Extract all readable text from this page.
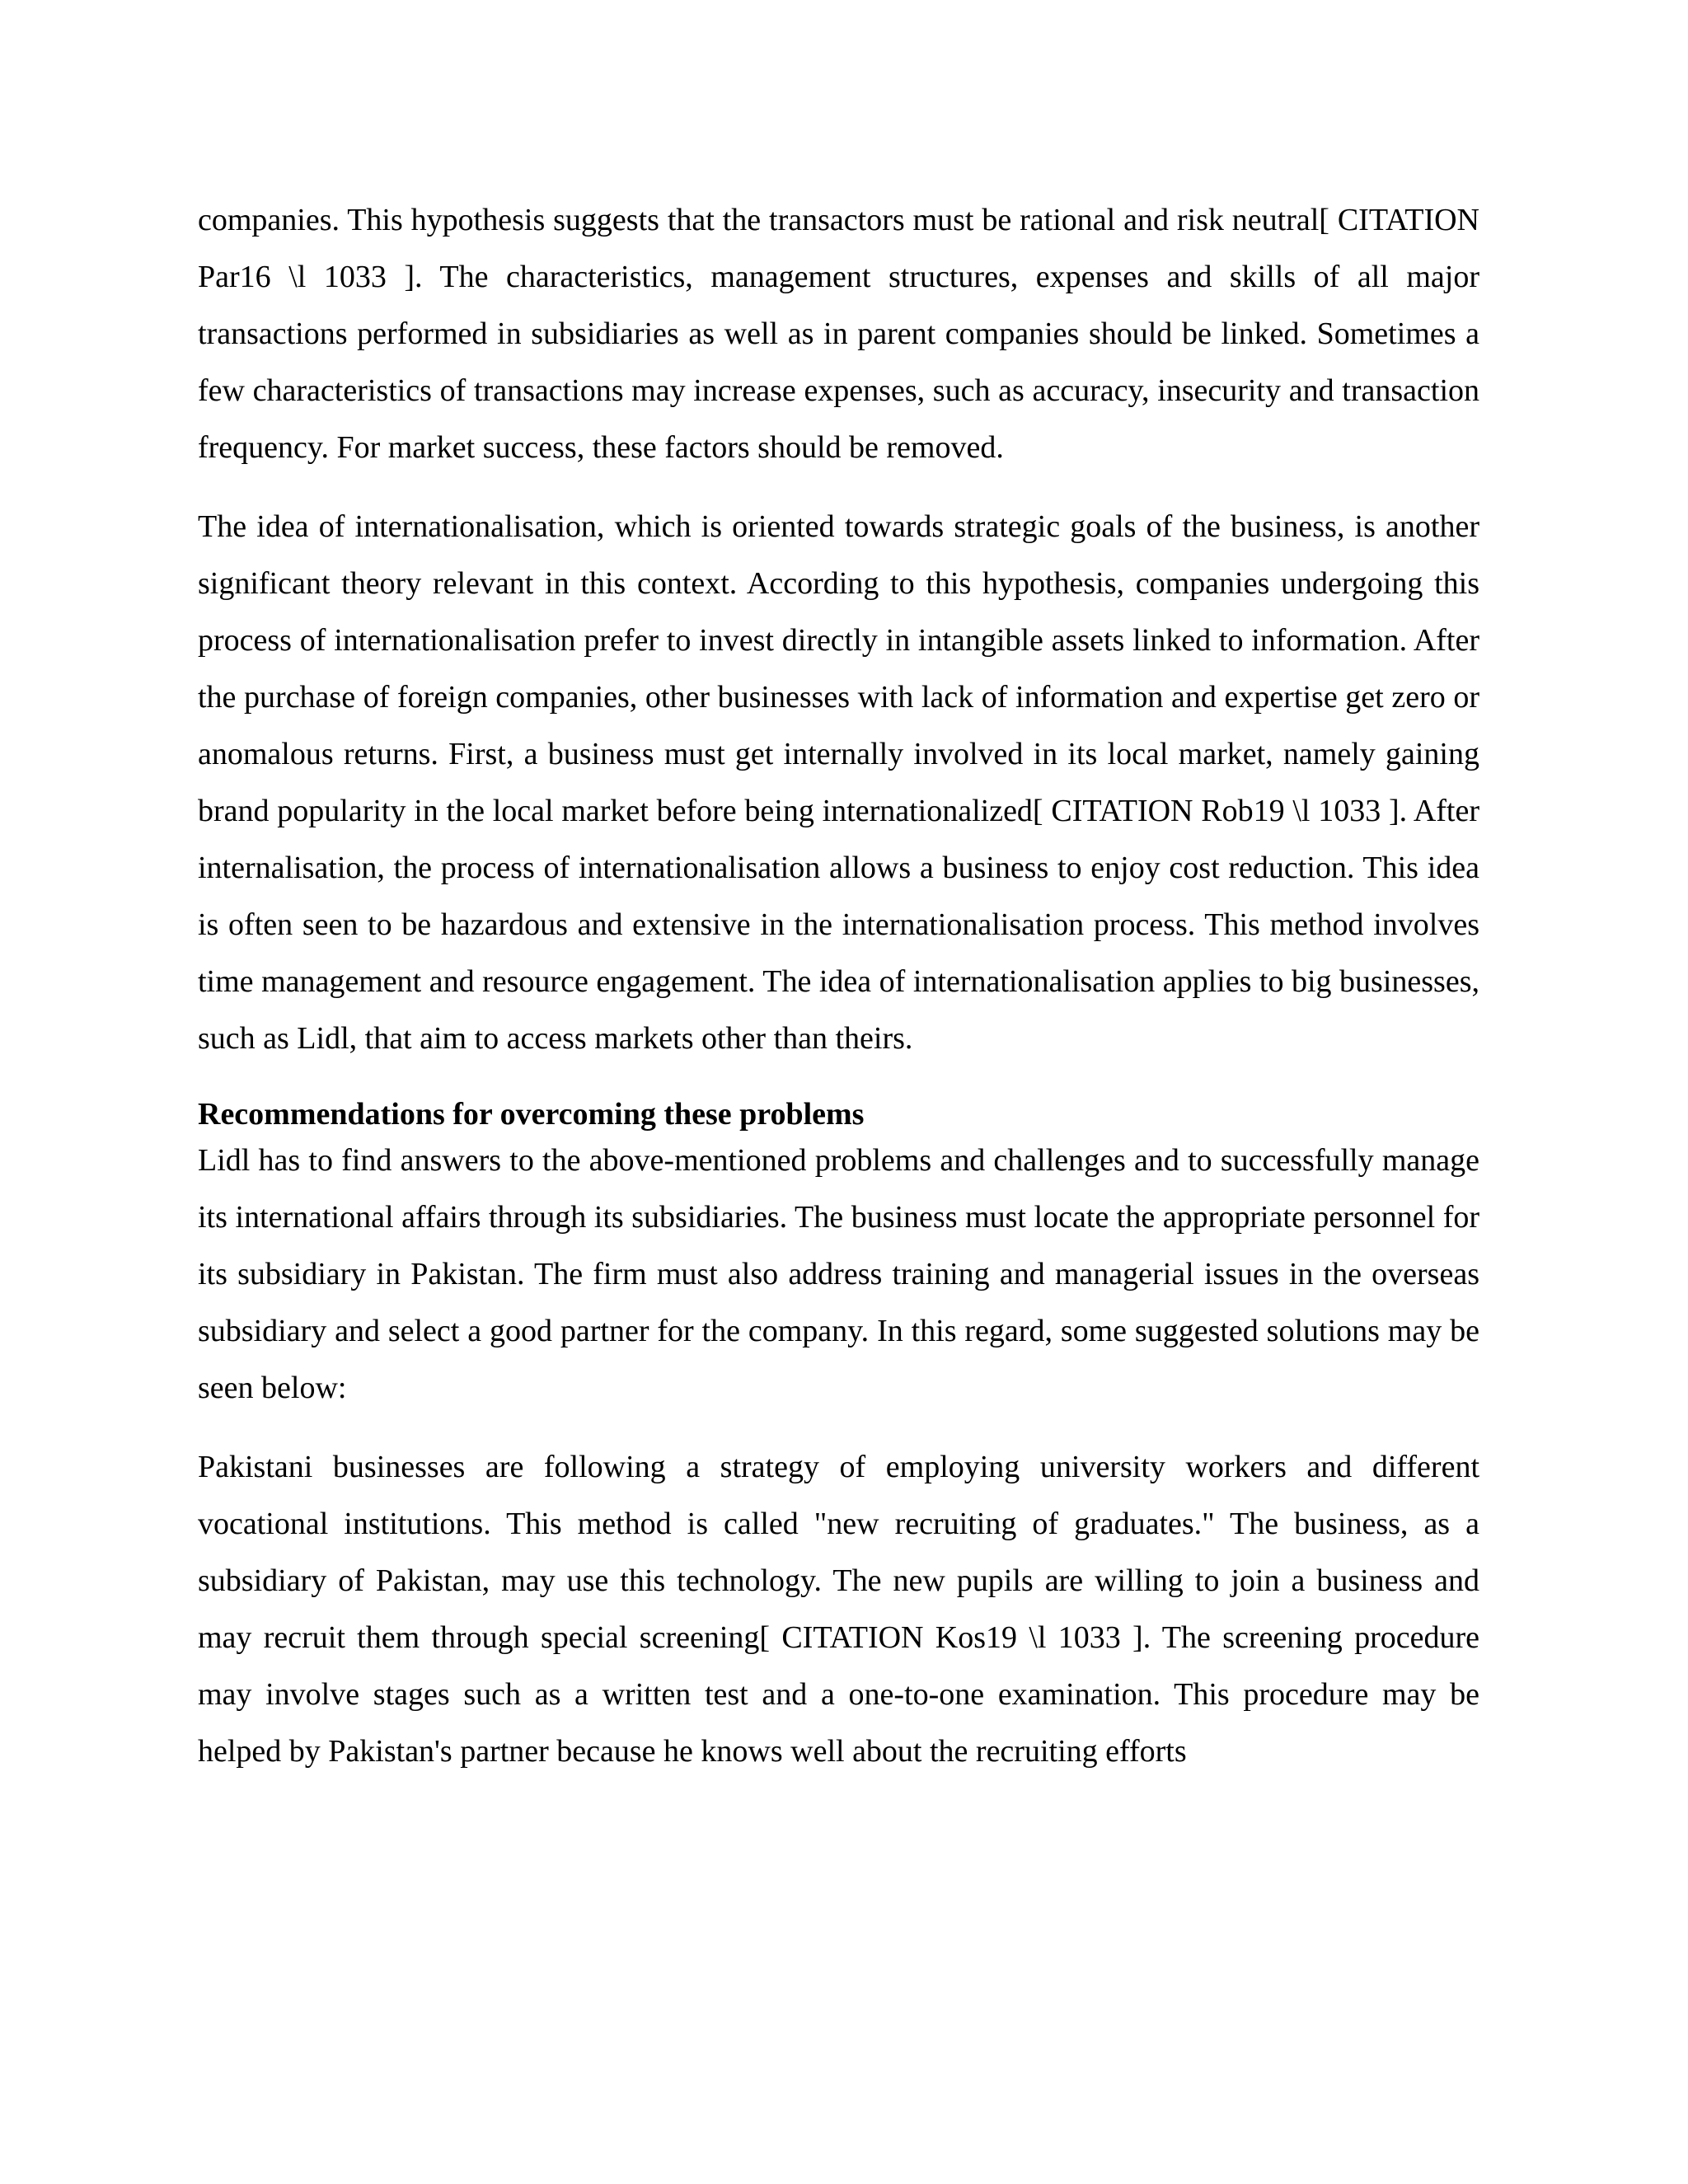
companies. This hypothesis suggests that the transactors must be rational and risk neutral[ CITATION Par16 \l 1033 ]. The characteristics, management structures, expenses and skills of all major transactions performed in subsidiaries as well as in parent companies should be linked. Sometimes a few characteristics of transactions may increase expenses, such as accuracy, insecurity and transaction frequency. For market success, these factors should be removed.

The idea of internationalisation, which is oriented towards strategic goals of the business, is another significant theory relevant in this context. According to this hypothesis, companies undergoing this process of internationalisation prefer to invest directly in intangible assets linked to information. After the purchase of foreign companies, other businesses with lack of information and expertise get zero or anomalous returns. First, a business must get internally involved in its local market, namely gaining brand popularity in the local market before being internationalized[ CITATION Rob19 \l 1033 ]. After internalisation, the process of internationalisation allows a business to enjoy cost reduction. This idea is often seen to be hazardous and extensive in the internationalisation process. This method involves time management and resource engagement. The idea of internationalisation applies to big businesses, such as Lidl, that aim to access markets other than theirs.

Recommendations for overcoming these problems

Lidl has to find answers to the above-mentioned problems and challenges and to successfully manage its international affairs through its subsidiaries. The business must locate the appropriate personnel for its subsidiary in Pakistan. The firm must also address training and managerial issues in the overseas subsidiary and select a good partner for the company. In this regard, some suggested solutions may be seen below:

Pakistani businesses are following a strategy of employing university workers and different vocational institutions. This method is called "new recruiting of graduates." The business, as a subsidiary of Pakistan, may use this technology. The new pupils are willing to join a business and may recruit them through special screening[ CITATION Kos19 \l 1033 ]. The screening procedure may involve stages such as a written test and a one-to-one examination. This procedure may be helped by Pakistan's partner because he knows well about the recruiting efforts
